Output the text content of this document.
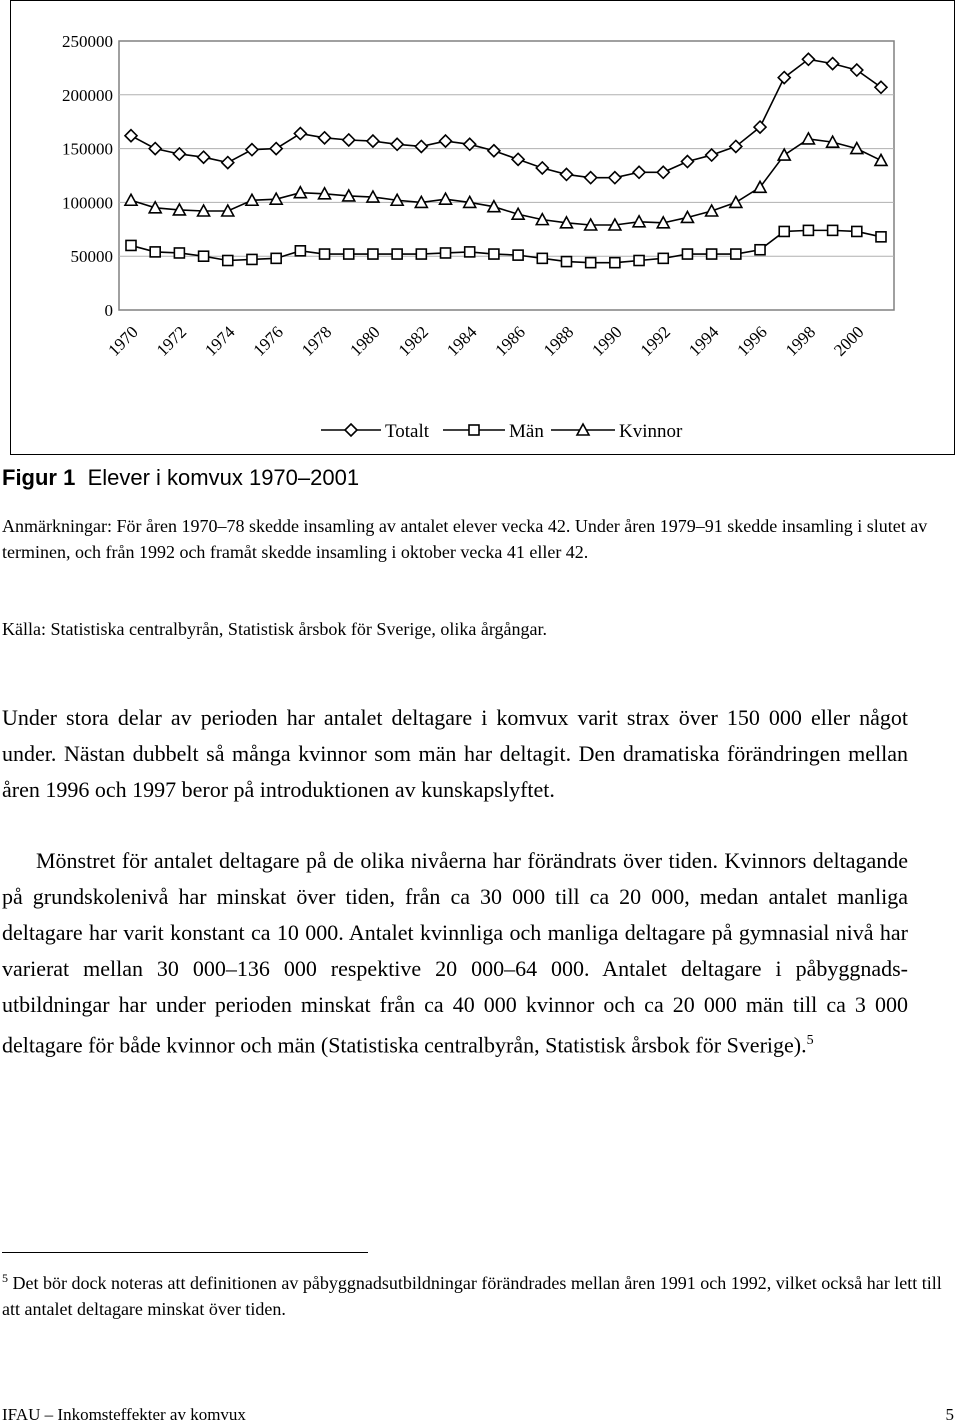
250000
200000
150000
100000
50000
0
1970 1972 1974 1976 1978 1980 1982 1984 1986 1988 1990 1992 1994 1996 1998 2000
Totalt	Män	Kvinnor

Figur 1 Elever i komvux 1970–2001

Anmärkningar: För åren 1970–78 skedde insamling av antalet elever vecka 42. Under åren 1979–91 skedde insamling i slutet av terminen, och från 1992 och framåt skedde insamling i oktober vecka 41 eller 42.

Källa: Statistiska centralbyrån, Statistisk årsbok för Sverige, olika årgångar.

Under stora delar av perioden har antalet deltagare i komvux varit strax över 150 000 eller något under. Nästan dubbelt så många kvinnor som män har deltagit. Den dramatiska förändringen mellan åren 1996 och 1997 beror på introduktionen av kunskapslyftet.

Mönstret för antalet deltagare på de olika nivåerna har förändrats över tiden. Kvinnors deltagande på grundskolenivå har minskat över tiden, från ca 30 000 till ca 20 000, medan antalet manliga deltagare har varit konstant ca 10 000. Antalet kvinnliga och manliga deltagare på gymnasial nivå har varierat mellan 30 000–136 000 respektive 20 000–64 000. Antalet deltagare i påbyggnads-utbildningar har under perioden minskat från ca 40 000 kvinnor och ca 20 000 män till ca 3 000 deltagare för både kvinnor och män (Statistiska centralbyrån, Statistisk årsbok för Sverige).$^5$

$^5$ Det bör dock noteras att definitionen av påbyggnadsutbildningar förändrades mellan åren 1991 och 1992, vilket också har lett till att antalet deltagare minskat över tiden.

IFAU – Inkomsteffekter av komvux	5
